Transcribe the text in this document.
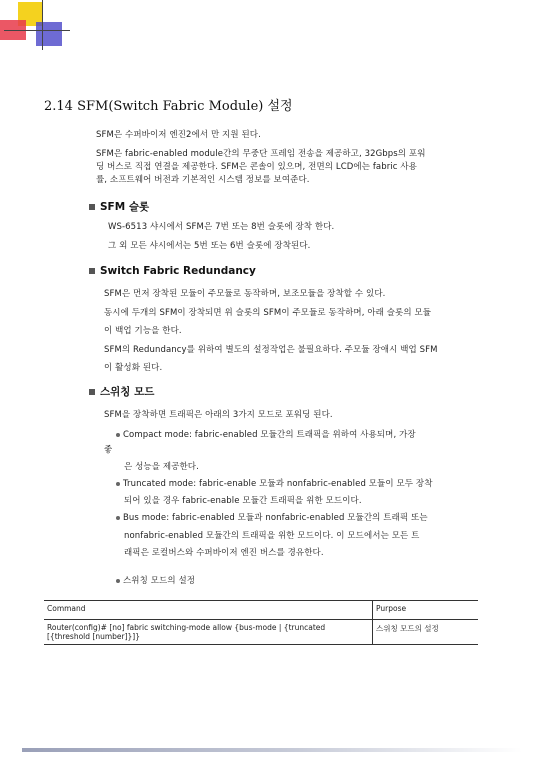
2.14 SFM(Switch Fabric Module) 설정
SFM은 수퍼바이저 엔진2에서 만 지원 된다.
SFM은 fabric-enabled module간의 무중단 프레임 전송을 제공하고, 32Gbps의 포워
딩 버스로 직접 연결을 제공한다. SFM은 콘솔이 있으며, 전면의 LCD에는 fabric 사용
률, 소프트웨어 버전과 기본적인 시스템 정보를 보여준다.
SFM 슬롯
WS-6513 샤시에서 SFM은 7번 또는 8번 슬롯에 장착 한다.
그 외 모든 샤시에서는 5번 또는 6번 슬롯에 장착된다.
Switch Fabric Redundancy
SFM은 먼저 장착된 모듈이 주모듈로 동작하며, 보조모듈을 장착할 수 있다.
동시에 두개의 SFM이 장착되면 위 슬롯의 SFM이 주모듈로 동작하며, 아래 슬롯의 모듈
이 백업 기능을 한다.
SFM의 Redundancy를 위하여 별도의 설정작업은 불필요하다. 주모듈 장애시 백업 SFM
이 활성화 된다.
스위칭 모드
SFM을 장착하면 트래픽은 아래의 3가지 모드로 포워딩 된다.
Compact mode: fabric-enabled 모듈간의 트래픽을 위하여 사용되며, 가장
좋
은 성능을 제공한다.
Truncated mode: fabric-enable 모듈과 nonfabric-enabled 모듈이 모두 장착
되어 있을 경우 fabric-enable 모듈간 트래픽을 위한 모드이다.
Bus mode: fabric-enabled 모듈과 nonfabric-enabled 모듈간의 트래픽 또는
nonfabric-enabled 모듈간의 트래픽을 위한 모드이다. 이 모드에서는 모든 트
래픽은 로컬버스와 수퍼바이저 엔진 버스를 경유한다.
스위칭 모드의 설정
Command	Purpose

Router(config)# [no] fabric switching-mode allow {bus-mode | {truncated
[{threshold [number]}]}	스위칭 모드의 설정
